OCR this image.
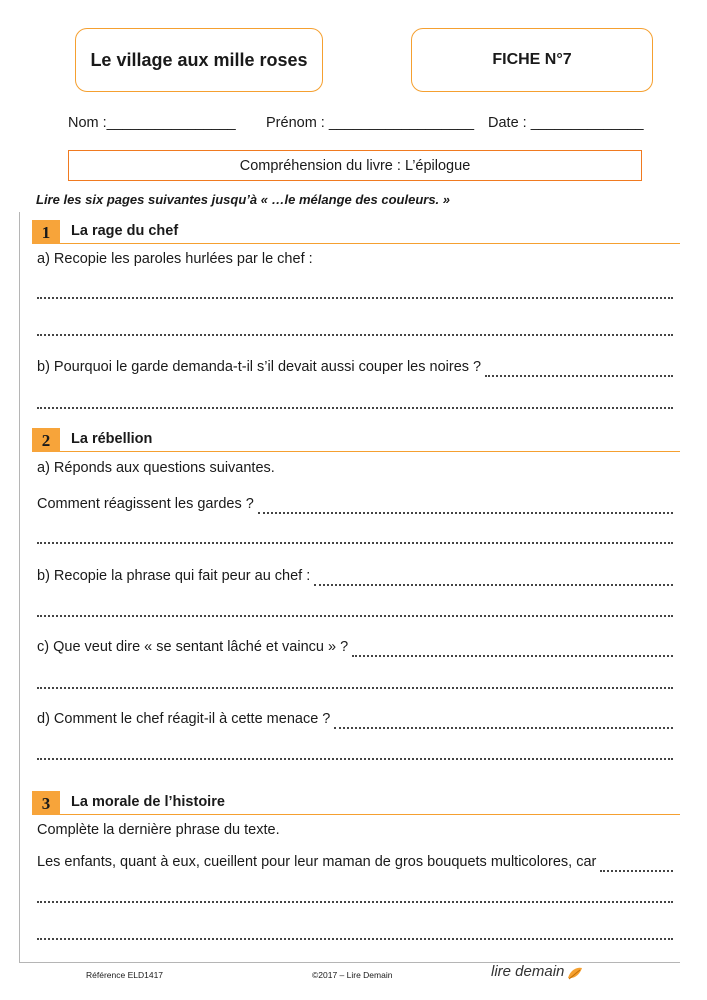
Le village aux mille roses	FICHE N°7
Nom :________________ Prénom : __________________ Date : ______________
Compréhension du livre : L’épilogue
Lire les six pages suivantes jusqu’à « …le mélange des couleurs. »
1	La rage du chef
a) Recopie les paroles hurlées par le chef :
b) Pourquoi le garde demanda-t-il s’il devait aussi couper les noires ?
2	La rébellion
a) Réponds aux questions suivantes.
Comment réagissent les gardes ?
b) Recopie la phrase qui fait peur au chef :
c) Que veut dire « se sentant lâché et vaincu » ?
d) Comment le chef réagit-il à cette menace ?
3	La morale de l’histoire
Complète la dernière phrase du texte.
Les enfants, quant à eux, cueillent pour leur maman de gros bouquets multicolores, car
Référence ELD1417	©2017 – Lire Demain	lire demain
